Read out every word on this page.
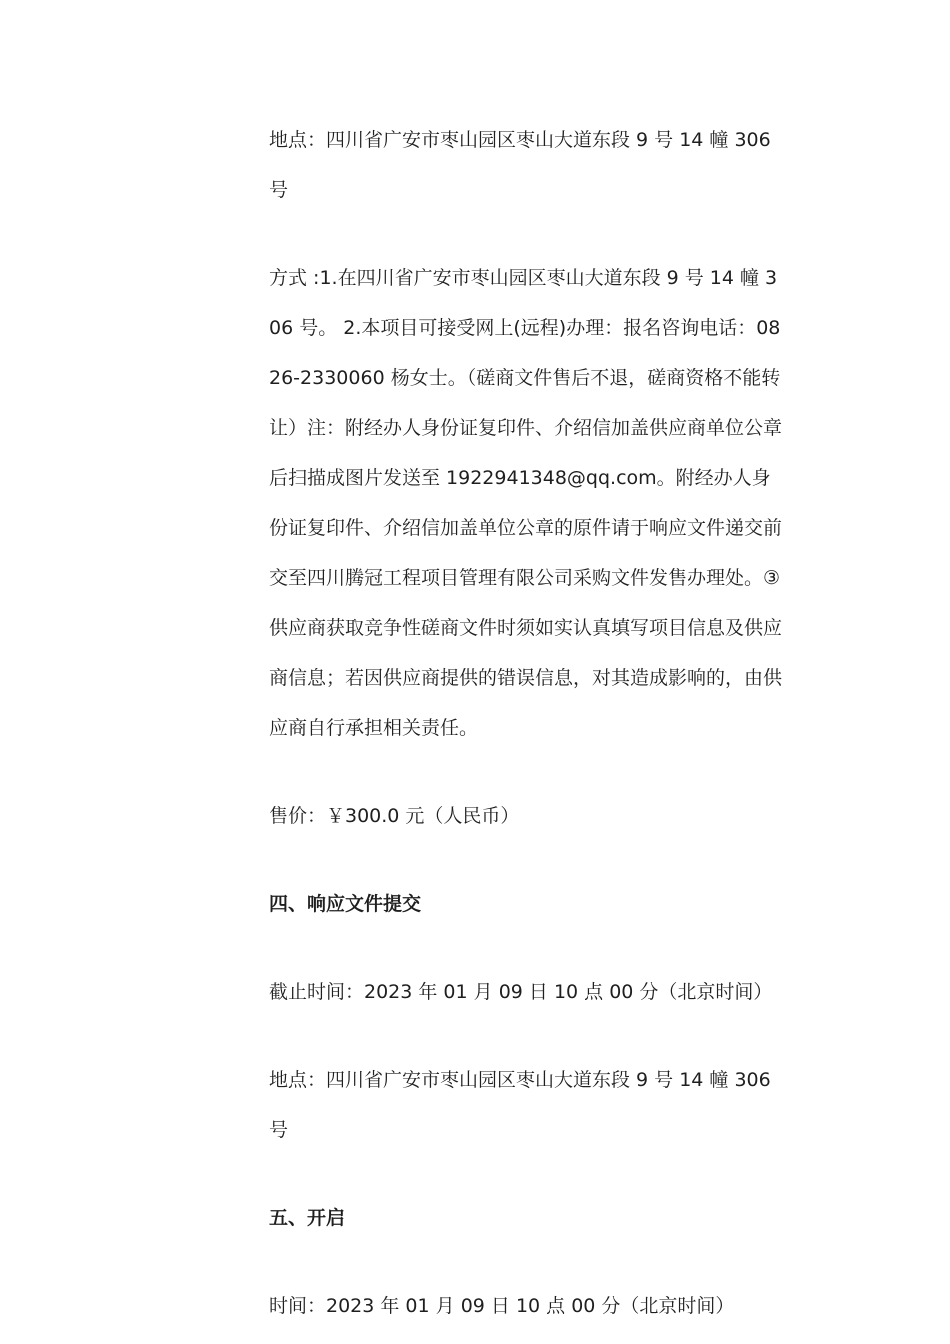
地点：四川省广安市枣山园区枣山大道东段 9 号 14 幢 306 号

方式 :1.在四川省广安市枣山园区枣山大道东段 9 号 14 幢 306 号。 2.本项目可接受网上(远程)办理：报名咨询电话：0826-2330060 杨女士。（磋商文件售后不退，磋商资格不能转让）注：附经办人身份证复印件、介绍信加盖供应商单位公章后扫描成图片发送至 1922941348@qq.com。附经办人身份证复印件、介绍信加盖单位公章的原件请于响应文件递交前交至四川腾冠工程项目管理有限公司采购文件发售办理处。③供应商获取竞争性磋商文件时须如实认真填写项目信息及供应商信息；若因供应商提供的错误信息，对其造成影响的，由供应商自行承担相关责任。

售价：￥300.0 元（人民币）

四、响应文件提交

截止时间：2023 年 01 月 09 日 10 点 00 分（北京时间）

地点：四川省广安市枣山园区枣山大道东段 9 号 14 幢 306 号

五、开启

时间：2023 年 01 月 09 日 10 点 00 分（北京时间）
